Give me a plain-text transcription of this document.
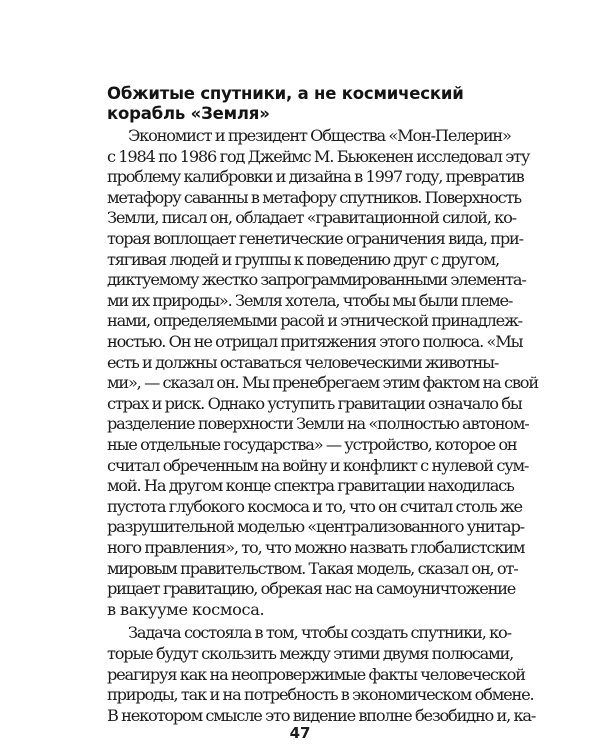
Обжитые спутники, а не космический
корабль «Земля»
Экономист и президент Общества «Мон-Пелерин»
с 1984 по 1986 год Джеймс М. Бьюкенен исследовал эту
проблему калибровки и дизайна в 1997 году, превратив
метафору саванны в метафору спутников. Поверхность
Земли, писал он, обладает «гравитационной силой, ко-
торая воплощает генетические ограничения вида, при-
тягивая людей и группы к поведению друг с другом,
диктуемому жестко запрограммированными элемента-
ми их природы». Земля хотела, чтобы мы были племе-
нами, определяемыми расой и этнической принадлеж-
ностью. Он не отрицал притяжения этого полюса. «Мы
есть и должны оставаться человеческими животны-
ми», — сказал он. Мы пренебрегаем этим фактом на свой
страх и риск. Однако уступить гравитации означало бы
разделение поверхности Земли на «полностью автоном-
ные отдельные государства» — устройство, которое он
считал обреченным на войну и конфликт с нулевой сум-
мой. На другом конце спектра гравитации находилась
пустота глубокого космоса и то, что он считал столь же
разрушительной моделью «централизованного унитар-
ного правления», то, что можно назвать глобалистским
мировым правительством. Такая модель, сказал он, от-
рицает гравитацию, обрекая нас на самоуничтожение
в вакууме космоса.
Задача состояла в том, чтобы создать спутники, ко-
торые будут скользить между этими двумя полюсами,
реагируя как на неопровержимые факты человеческой
природы, так и на потребность в экономическом обмене.
В некотором смысле это видение вполне безобидно и, ка-
47
